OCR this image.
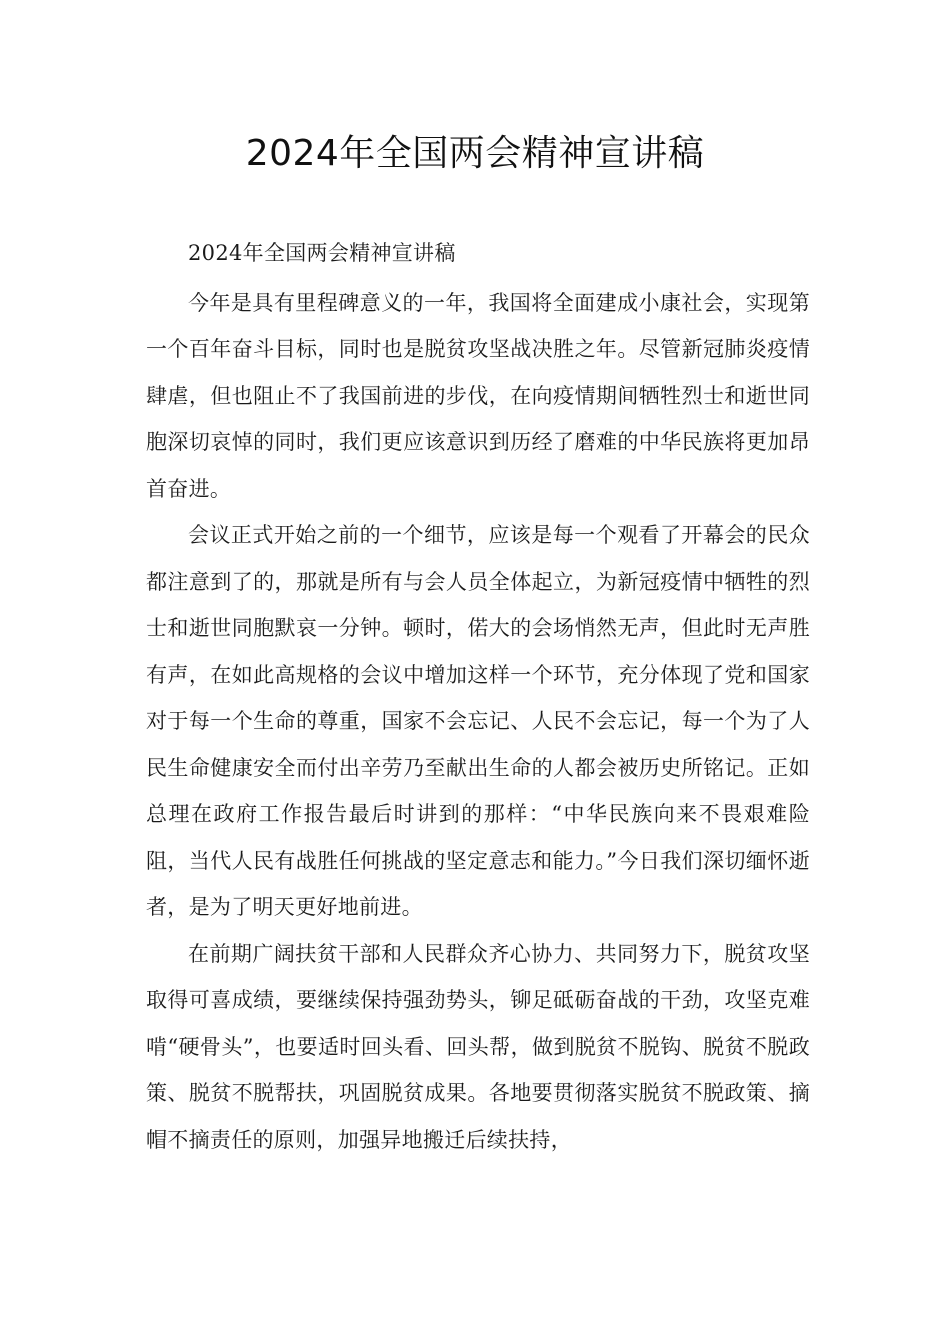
2024年全国两会精神宣讲稿

2024年全国两会精神宣讲稿

今年是具有里程碑意义的一年，我国将全面建成小康社会，实现第一个百年奋斗目标，同时也是脱贫攻坚战决胜之年。尽管新冠肺炎疫情肆虐，但也阻止不了我国前进的步伐，在向疫情期间牺牲烈士和逝世同胞深切哀悼的同时，我们更应该意识到历经了磨难的中华民族将更加昂首奋进。

会议正式开始之前的一个细节，应该是每一个观看了开幕会的民众都注意到了的，那就是所有与会人员全体起立，为新冠疫情中牺牲的烈士和逝世同胞默哀一分钟。顿时，偌大的会场悄然无声，但此时无声胜有声，在如此高规格的会议中增加这样一个环节，充分体现了党和国家对于每一个生命的尊重，国家不会忘记、人民不会忘记，每一个为了人民生命健康安全而付出辛劳乃至献出生命的人都会被历史所铭记。正如总理在政府工作报告最后时讲到的那样：“中华民族向来不畏艰难险阻，当代人民有战胜任何挑战的坚定意志和能力。”今日我们深切缅怀逝者，是为了明天更好地前进。

在前期广阔扶贫干部和人民群众齐心协力、共同努力下，脱贫攻坚取得可喜成绩，要继续保持强劲势头，铆足砥砺奋战的干劲，攻坚克难啃“硬骨头”，也要适时回头看、回头帮，做到脱贫不脱钩、脱贫不脱政策、脱贫不脱帮扶，巩固脱贫成果。各地要贯彻落实脱贫不脱政策、摘帽不摘责任的原则，加强异地搬迁后续扶持，
